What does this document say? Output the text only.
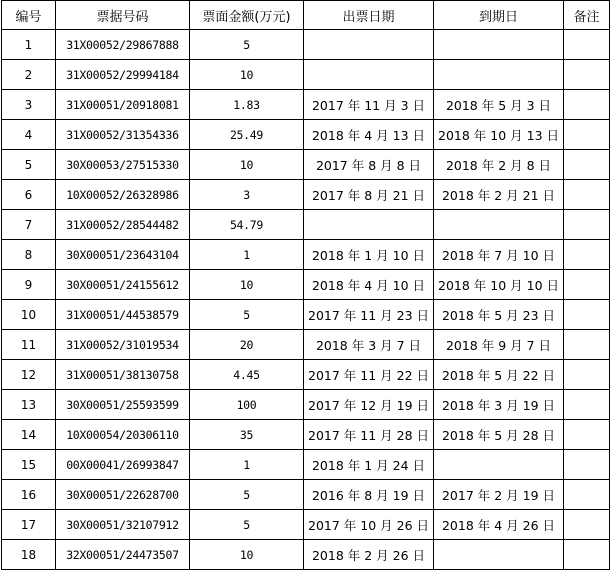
编号	票据号码	票面金额(万元)	出票日期	到期日	备注
1	31X00052/29867888	5			
2	31X00052/29994184	10			
3	31X00051/20918081	1.83	2017 年 11 月 3 日	2018 年 5 月 3 日	
4	31X00052/31354336	25.49	2018 年 4 月 13 日	2018 年 10 月 13 日	
5	30X00053/27515330	10	2017 年 8 月 8 日	2018 年 2 月 8 日	
6	10X00052/26328986	3	2017 年 8 月 21 日	2018 年 2 月 21 日	
7	31X00052/28544482	54.79			
8	30X00051/23643104	1	2018 年 1 月 10 日	2018 年 7 月 10 日	
9	30X00051/24155612	10	2018 年 4 月 10 日	2018 年 10 月 10 日	
10	31X00051/44538579	5	2017 年 11 月 23 日	2018 年 5 月 23 日	
11	31X00052/31019534	20	2018 年 3 月 7 日	2018 年 9 月 7 日	
12	31X00051/38130758	4.45	2017 年 11 月 22 日	2018 年 5 月 22 日	
13	30X00051/25593599	100	2017 年 12 月 19 日	2018 年 3 月 19 日	
14	10X00054/20306110	35	2017 年 11 月 28 日	2018 年 5 月 28 日	
15	00X00041/26993847	1	2018 年 1 月 24 日		
16	30X00051/22628700	5	2016 年 8 月 19 日	2017 年 2 月 19 日	
17	30X00051/32107912	5	2017 年 10 月 26 日	2018 年 4 月 26 日	
18	32X00051/24473507	10	2018 年 2 月 26 日		
